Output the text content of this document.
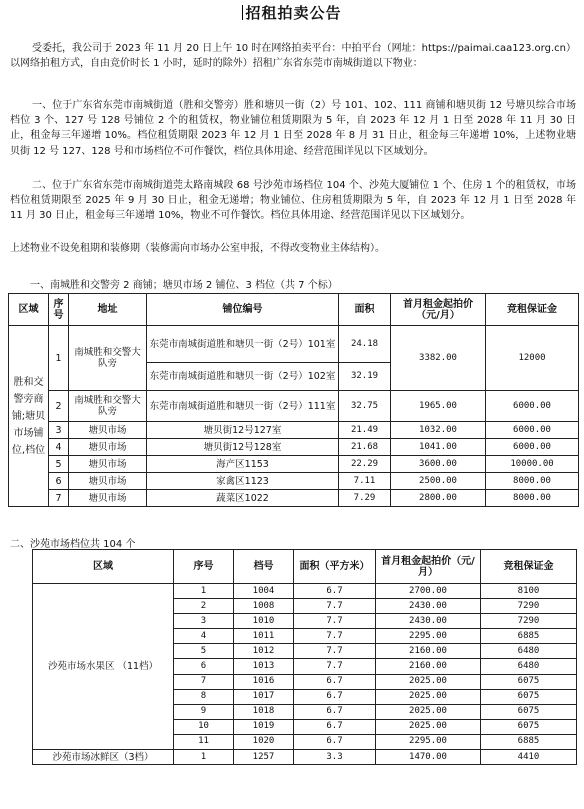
招租拍卖公告

受委托，我公司于 2023 年 11 月 20 日上午 10 时在网络拍卖平台：中拍平台（网址：https://paimai.caa123.org.cn）以网络拍租方式，自由竞价时长 1 小时，延时的除外）招租广东省东莞市南城街道以下物业：

一、位于广东省东莞市南城街道（胜和交警旁）胜和塘贝一街（2）号 101、102、111 商铺和塘贝街 12 号塘贝综合市场档位 3 个、127 号 128 号铺位 2 个的租赁权，物业铺位租赁期限为 5 年，自 2023 年 12 月 1 日至 2028 年 11 月 30 日止，租金每三年递增 10%。档位租赁期限 2023 年 12 月 1 日至 2028 年 8 月 31 日止，租金每三年递增 10%，上述物业塘贝街 12 号 127、128 号和市场档位不可作餐饮，档位具体用途、经营范围详见以下区域划分。

二、位于广东省东莞市南城街道莞太路南城段 68 号沙苑市场档位 104 个、沙苑大厦铺位 1 个、住房 1 个的租赁权，市场档位租赁期限至 2025 年 9 月 30 日止，租金无递增；物业铺位、住房租赁期限为 5 年，自 2023 年 12 月 1 日至 2028 年 11 月 30 日止，租金每三年递增 10%，物业不可作餐饮。档位具体用途、经营范围详见以下区域划分。

上述物业不设免租期和装修期（装修需向市场办公室申报，不得改变物业主体结构）。

一、南城胜和交警旁 2 商铺；塘贝市场 2 铺位、3 档位（共 7 个标）
区域	序号	地址	铺位编号	面积	首月租金起拍价（元/月）	竞租保证金
胜和交警旁商铺;塘贝市场铺位,档位	1	南城胜和交警大队旁	东莞市南城街道胜和塘贝一街（2号）101室	24.18	3382.00	12000
			东莞市南城街道胜和塘贝一街（2号）102室	32.19		
	2	南城胜和交警大队旁	东莞市南城街道胜和塘贝一街（2号）111室	32.75	1965.00	6000.00
	3	塘贝市场	塘贝街12号127室	21.49	1032.00	6000.00
	4	塘贝市场	塘贝街12号128室	21.68	1041.00	6000.00
	5	塘贝市场	海产区1153	22.29	3600.00	10000.00
	6	塘贝市场	家禽区1123	7.11	2500.00	8000.00
	7	塘贝市场	蔬菜区1022	7.29	2800.00	8000.00
二、沙苑市场档位共 104 个
区域	序号	档号	面积（平方米）	首月租金起拍价（元/月）	竞租保证金
沙苑市场水果区 （11档）	1	1004	6.7	2700.00	8100
	2	1008	7.7	2430.00	7290
	3	1010	7.7	2430.00	7290
	4	1011	7.7	2295.00	6885
	5	1012	7.7	2160.00	6480
	6	1013	7.7	2160.00	6480
	7	1016	6.7	2025.00	6075
	8	1017	6.7	2025.00	6075
	9	1018	6.7	2025.00	6075
	10	1019	6.7	2025.00	6075
	11	1020	6.7	2295.00	6885
沙苑市场冰鲜区（3档）	1	1257	3.3	1470.00	4410
